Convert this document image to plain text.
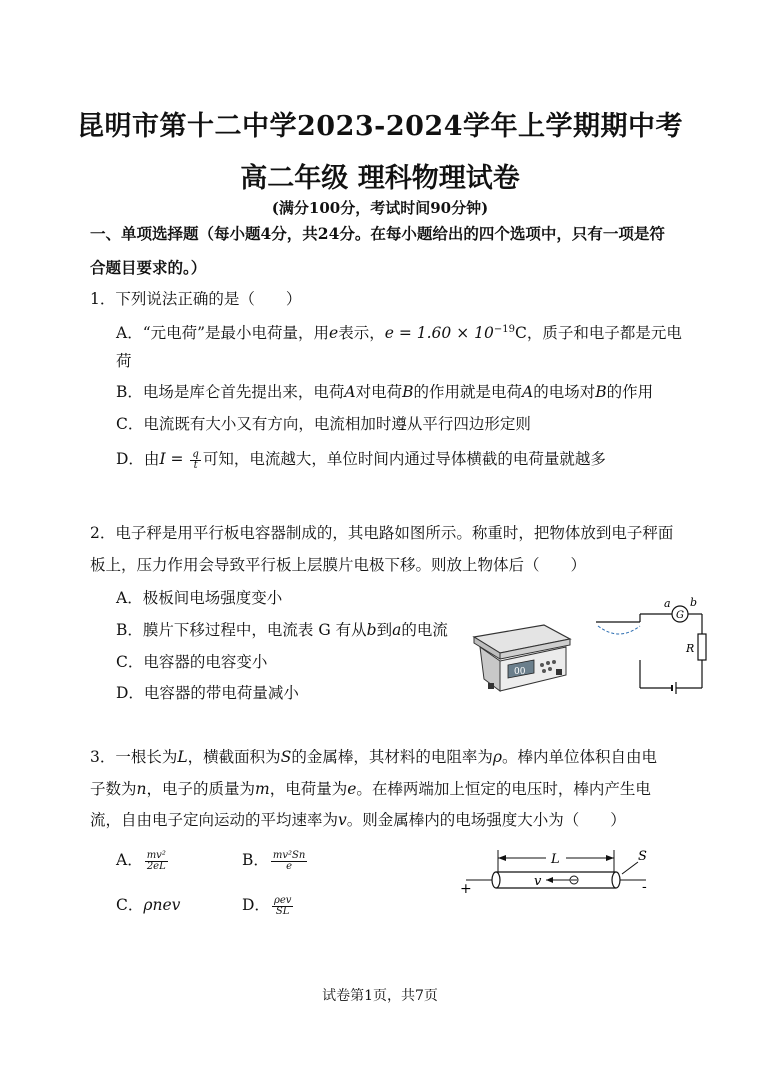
昆明市第十二中学2023-2024学年上学期期中考
高二年级 理科物理试卷
(满分100分，考试时间90分钟)
一、单项选择题（每小题4分，共24分。在每小题给出的四个选项中，只有一项是符
合题目要求的。）
1．下列说法正确的是（　　）
A．“元电荷”是最小电荷量，用e表示，$e = 1.60 \times 10^{-19}C$，质子和电子都是元电
荷
B．电场是库仑首先提出来，电荷A对电荷B的作用就是电荷A的电场对B的作用
C．电流既有大小又有方向，电流相加时遵从平行四边形定则
D．由$I = \frac{q}{t}$ 可知，电流越大，单位时间内通过导体横截的电荷量就越多
2．电子秤是用平行板电容器制成的，其电路如图所示。称重时，把物体放到电子秤面
板上，压力作用会导致平行板上层膜片电极下移。则放上物体后（　　）
A．极板间电场强度变小
B．膜片下移过程中，电流表 G 有从b到a的电流
C．电容器的电容变小
D．电容器的带电荷量减小
00
G
a b
R
3．一根长为L，横截面积为S的金属棒，其材料的电阻率为ρ。棒内单位体积自由电
子数为n，电子的质量为m，电荷量为e。在棒两端加上恒定的电压时，棒内产生电
流，自由电子定向运动的平均速率为v。则金属棒内的电场强度大小为（　　）
A． $\frac{\text{mv²}}{2eL}$	B． $\frac{\text{mv²Sn}}{e}$
C．ρnev	D． $\frac{\text{ρev}}{SL}$
L	S
+	-
v
试卷第1页，共7页
